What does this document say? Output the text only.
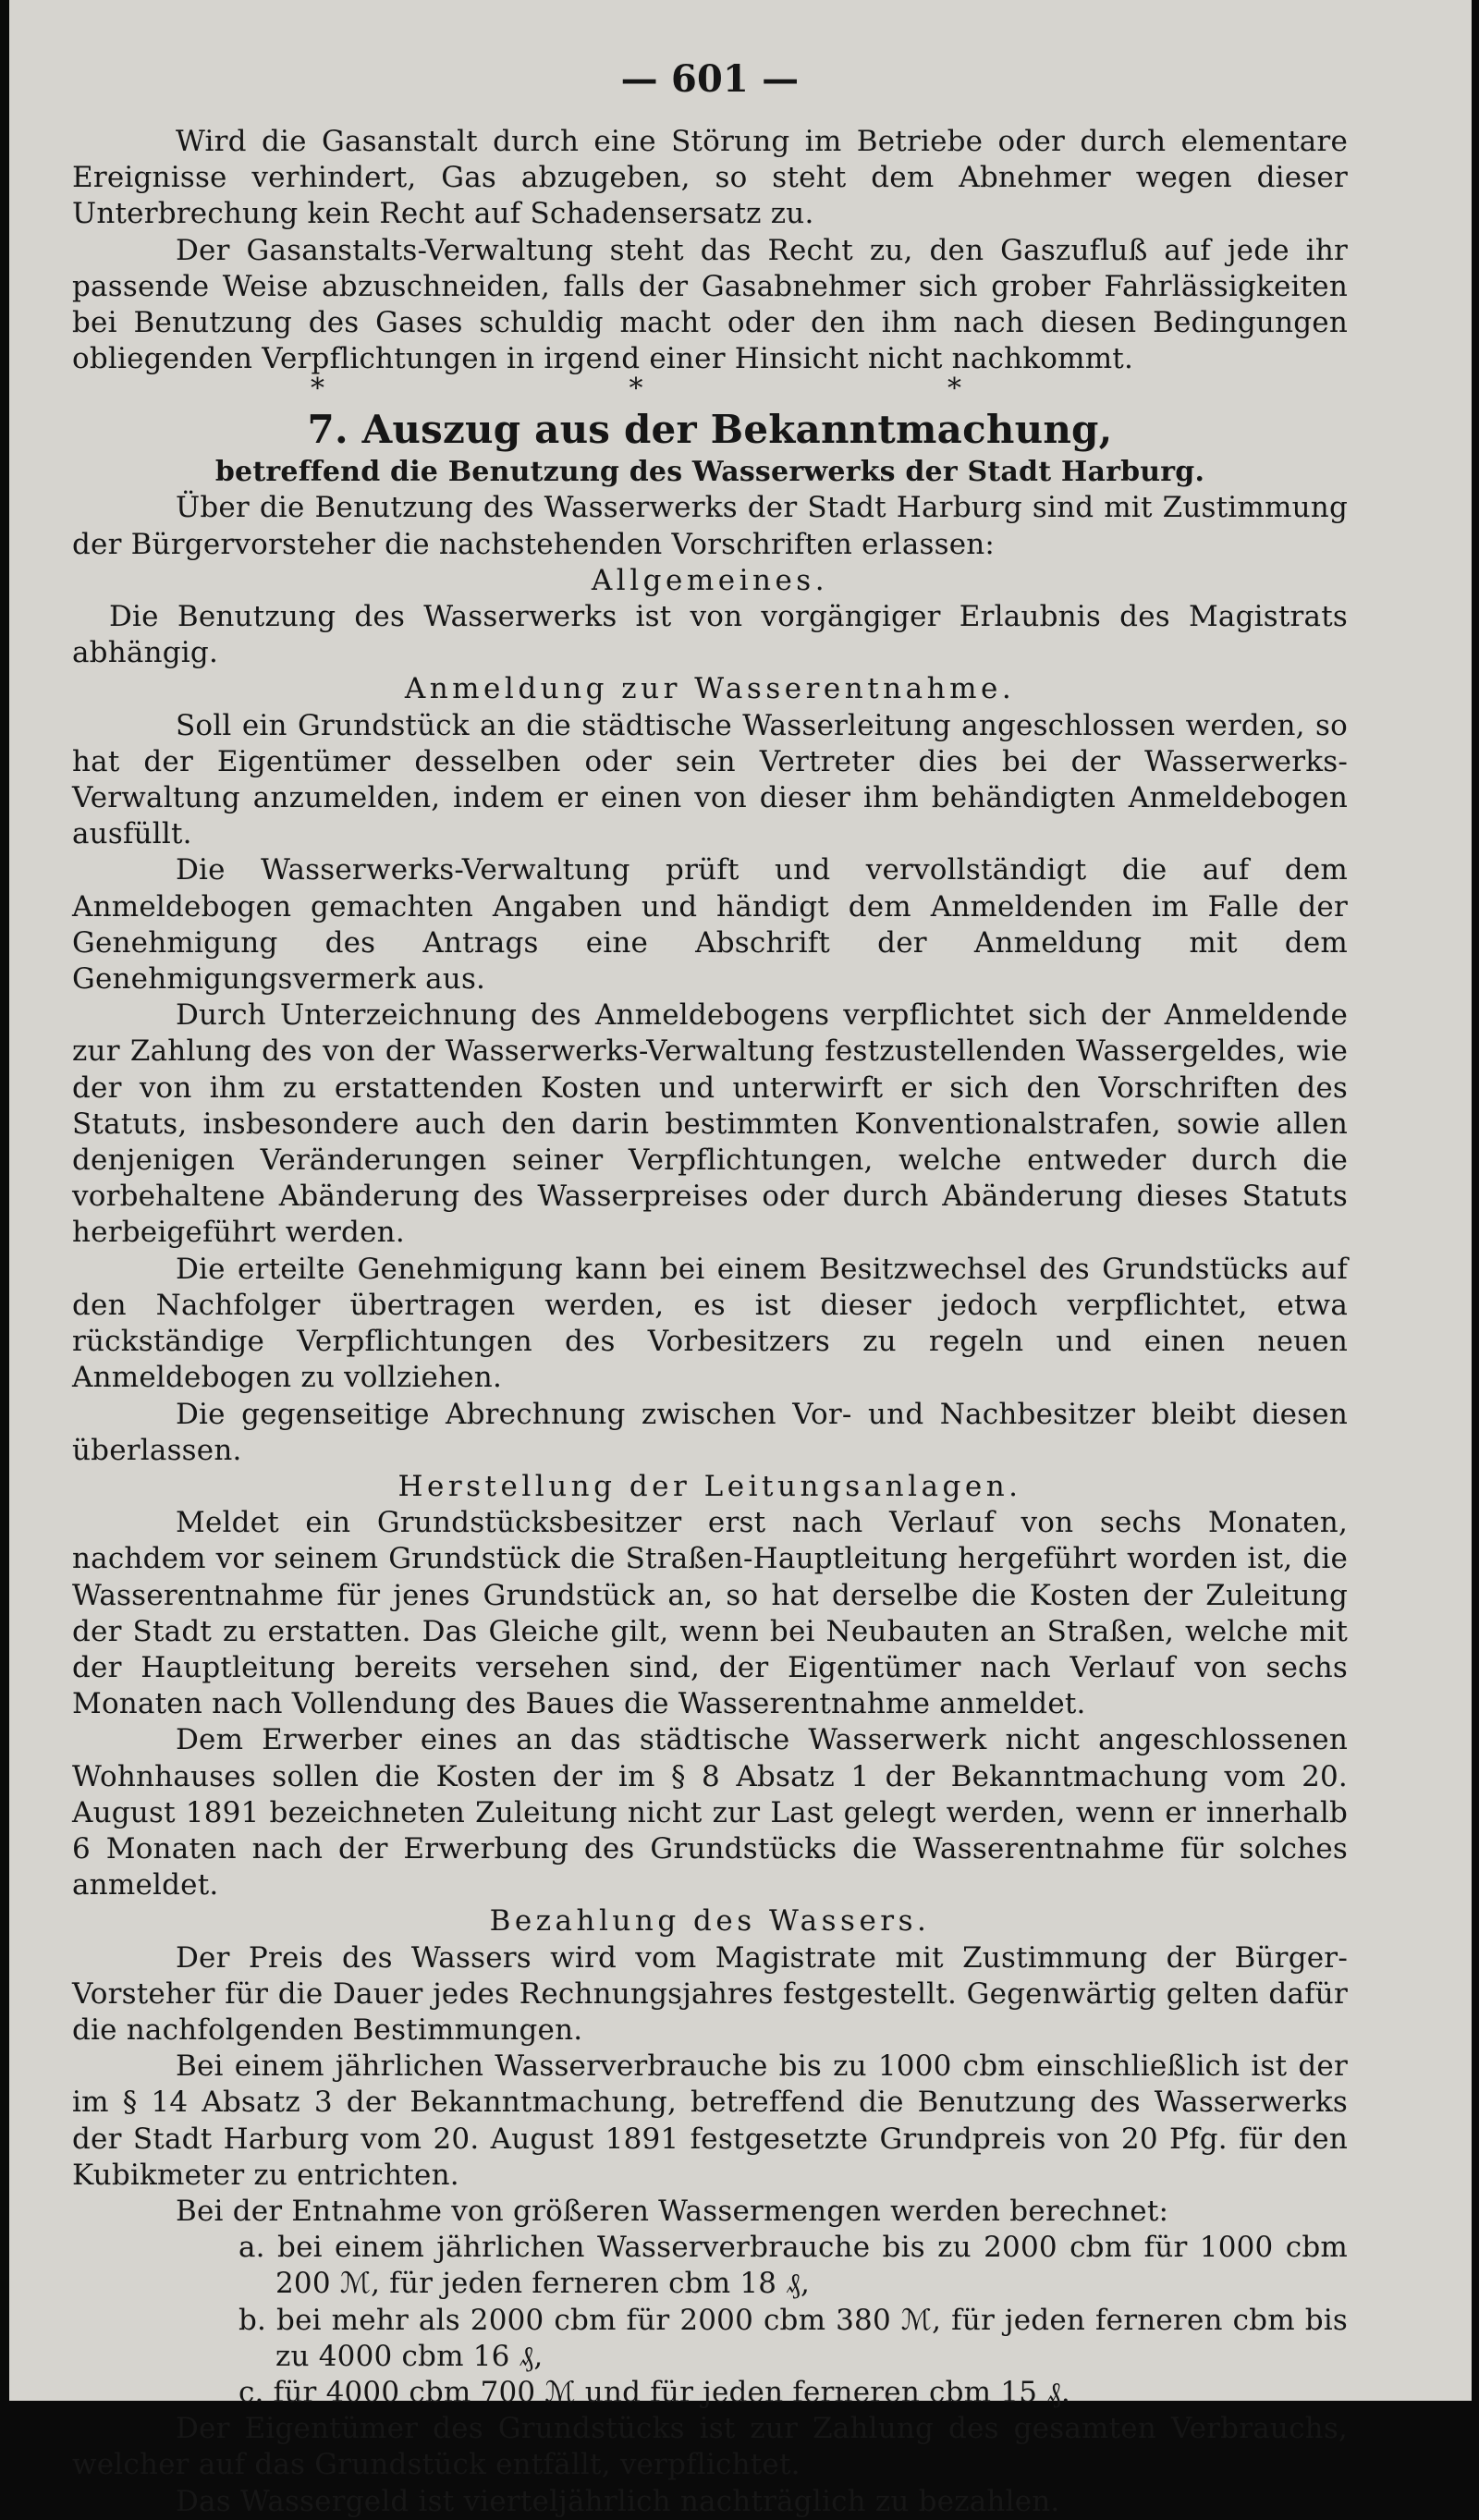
— 601 —

Wird die Gasanstalt durch eine Störung im Betriebe oder durch elementare Ereignisse verhindert, Gas abzugeben, so steht dem Abnehmer wegen dieser Unterbrechung kein Recht auf Schadensersatz zu.

Der Gasanstalts-Verwaltung steht das Recht zu, den Gaszufluß auf jede ihr passende Weise abzuschneiden, falls der Gasabnehmer sich grober Fahrlässigkeiten bei Benutzung des Gases schuldig macht oder den ihm nach diesen Bedingungen obliegenden Verpflichtungen in irgend einer Hinsicht nicht nachkommt.

* * *
7. Auszug aus der Bekanntmachung,
betreffend die Benutzung des Wasserwerks der Stadt Harburg.

Über die Benutzung des Wasserwerks der Stadt Harburg sind mit Zustimmung der Bürgervorsteher die nachstehenden Vorschriften erlassen:

Allgemeines.

Die Benutzung des Wasserwerks ist von vorgängiger Erlaubnis des Magistrats abhängig.

Anmeldung zur Wasserentnahme.

Soll ein Grundstück an die städtische Wasserleitung angeschlossen werden, so hat der Eigentümer desselben oder sein Vertreter dies bei der Wasserwerks-Verwaltung anzumelden, indem er einen von dieser ihm behändigten Anmeldebogen ausfüllt.

Die Wasserwerks-Verwaltung prüft und vervollständigt die auf dem Anmeldebogen gemachten Angaben und händigt dem Anmeldenden im Falle der Genehmigung des Antrags eine Abschrift der Anmeldung mit dem Genehmigungsvermerk aus.

Durch Unterzeichnung des Anmeldebogens verpflichtet sich der Anmeldende zur Zahlung des von der Wasserwerks-Verwaltung festzustellenden Wassergeldes, wie der von ihm zu erstattenden Kosten und unterwirft er sich den Vorschriften des Statuts, insbesondere auch den darin bestimmten Konventionalstrafen, sowie allen denjenigen Veränderungen seiner Verpflichtungen, welche entweder durch die vorbehaltene Abänderung des Wasserpreises oder durch Abänderung dieses Statuts herbeigeführt werden.

Die erteilte Genehmigung kann bei einem Besitzwechsel des Grundstücks auf den Nachfolger übertragen werden, es ist dieser jedoch verpflichtet, etwa rückständige Verpflichtungen des Vorbesitzers zu regeln und einen neuen Anmeldebogen zu vollziehen.

Die gegenseitige Abrechnung zwischen Vor- und Nachbesitzer bleibt diesen überlassen.

Herstellung der Leitungsanlagen.

Meldet ein Grundstücksbesitzer erst nach Verlauf von sechs Monaten, nachdem vor seinem Grundstück die Straßen-Hauptleitung hergeführt worden ist, die Wasserentnahme für jenes Grundstück an, so hat derselbe die Kosten der Zuleitung der Stadt zu erstatten. Das Gleiche gilt, wenn bei Neubauten an Straßen, welche mit der Hauptleitung bereits versehen sind, der Eigentümer nach Verlauf von sechs Monaten nach Vollendung des Baues die Wasserentnahme anmeldet.

Dem Erwerber eines an das städtische Wasserwerk nicht angeschlossenen Wohnhauses sollen die Kosten der im § 8 Absatz 1 der Bekanntmachung vom 20. August 1891 bezeichneten Zuleitung nicht zur Last gelegt werden, wenn er innerhalb 6 Monaten nach der Erwerbung des Grundstücks die Wasserentnahme für solches anmeldet.

Bezahlung des Wassers.

Der Preis des Wassers wird vom Magistrate mit Zustimmung der Bürger-Vorsteher für die Dauer jedes Rechnungsjahres festgestellt. Gegenwärtig gelten dafür die nachfolgenden Bestimmungen.

Bei einem jährlichen Wasserverbrauche bis zu 1000 cbm einschließlich ist der im § 14 Absatz 3 der Bekanntmachung, betreffend die Benutzung des Wasserwerks der Stadt Harburg vom 20. August 1891 festgesetzte Grundpreis von 20 Pfg. für den Kubikmeter zu entrichten.

Bei der Entnahme von größeren Wassermengen werden berechnet:

a. bei einem jährlichen Wasserverbrauche bis zu 2000 cbm für 1000 cbm 200 ℳ, für jeden ferneren cbm 18 ₰,
b. bei mehr als 2000 cbm für 2000 cbm 380 ℳ, für jeden ferneren cbm bis zu 4000 cbm 16 ₰,
c. für 4000 cbm 700 ℳ und für jeden ferneren cbm 15 ₰.

Der Eigentümer des Grundstücks ist zur Zahlung des gesamten Verbrauchs, welcher auf das Grundstück entfällt, verpflichtet.

Das Wassergeld ist vierteljährlich nachträglich zu bezahlen.
